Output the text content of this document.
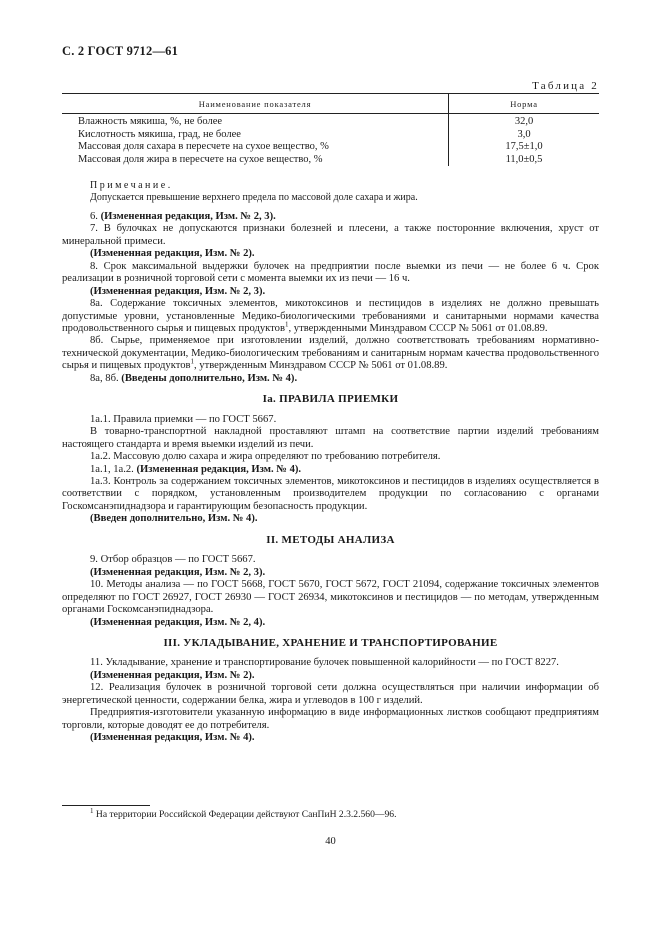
С. 2 ГОСТ 9712—61
Таблица 2
Наименование показателя	Норма
Влажность мякиша, %, не более	32,0
Кислотность мякиша, град, не более	3,0
Массовая доля сахара в пересчете на сухое вещество, %	17,5±1,0
Массовая доля жира в пересчете на сухое вещество, %	11,0±0,5

Примечание.

Допускается превышение верхнего предела по массовой доле сахара и жира.

6. (Измененная редакция, Изм. № 2, 3).

7. В булочках не допускаются признаки болезней и плесени, а также посторонние включения, хруст от минеральной примеси.

(Измененная редакция, Изм. № 2).

8. Срок максимальной выдержки булочек на предприятии после выемки из печи — не более 6 ч. Срок реализации в розничной торговой сети с момента выемки их из печи — 16 ч.

(Измененная редакция, Изм. № 2, 3).

8а. Содержание токсичных элементов, микотоксинов и пестицидов в изделиях не должно превышать допустимые уровни, установленные Медико-биологическими требованиями и санитарными нормами качества продовольственного сырья и пищевых продуктов$^1$, утвержденными Минздравом СССР № 5061 от 01.08.89.

8б. Сырье, применяемое при изготовлении изделий, должно соответствовать требованиям нормативно-технической документации, Медико-биологическим требованиям и санитарным нормам качества продовольственного сырья и пищевых продуктов$^1$, утвержденным Минздравом СССР № 5061 от 01.08.89.

8а, 8б. (Введены дополнительно, Изм. № 4).

Iа. ПРАВИЛА ПРИЕМКИ

1а.1. Правила приемки — по ГОСТ 5667.

В товарно-транспортной накладной проставляют штамп на соответствие партии изделий требованиям настоящего стандарта и время выемки изделий из печи.

1а.2. Массовую долю сахара и жира определяют по требованию потребителя.

1а.1, 1а.2. (Измененная редакция, Изм. № 4).

1а.3. Контроль за содержанием токсичных элементов, микотоксинов и пестицидов в изделиях осуществляется в соответствии с порядком, установленным производителем продукции по согласованию с органами Госкомсанэпиднадзора и гарантирующим безопасность продукции.

(Введен дополнительно, Изм. № 4).

II. МЕТОДЫ АНАЛИЗА

9. Отбор образцов — по ГОСТ 5667.

(Измененная редакция, Изм. № 2, 3).

10. Методы анализа — по ГОСТ 5668, ГОСТ 5670, ГОСТ 5672, ГОСТ 21094, содержание токсичных элементов определяют по ГОСТ 26927, ГОСТ 26930 — ГОСТ 26934, микотоксинов и пестицидов — по методам, утвержденным органами Госкомсанэпиднадзора.

(Измененная редакция, Изм. № 2, 4).

III. УКЛАДЫВАНИЕ, ХРАНЕНИЕ И ТРАНСПОРТИРОВАНИЕ

11. Укладывание, хранение и транспортирование булочек повышенной калорийности — по ГОСТ 8227.

(Измененная редакция, Изм. № 2).

12. Реализация булочек в розничной торговой сети должна осуществляться при наличии информации об энергетической ценности, содержании белка, жира и углеводов в 100 г изделий.

Предприятия-изготовители указанную информацию в виде информационных листков сообщают предприятиям торговли, которые доводят ее до потребителя.

(Измененная редакция, Изм. № 4).

$^1$ На территории Российской Федерации действуют СанПиН 2.3.2.560—96.
40
